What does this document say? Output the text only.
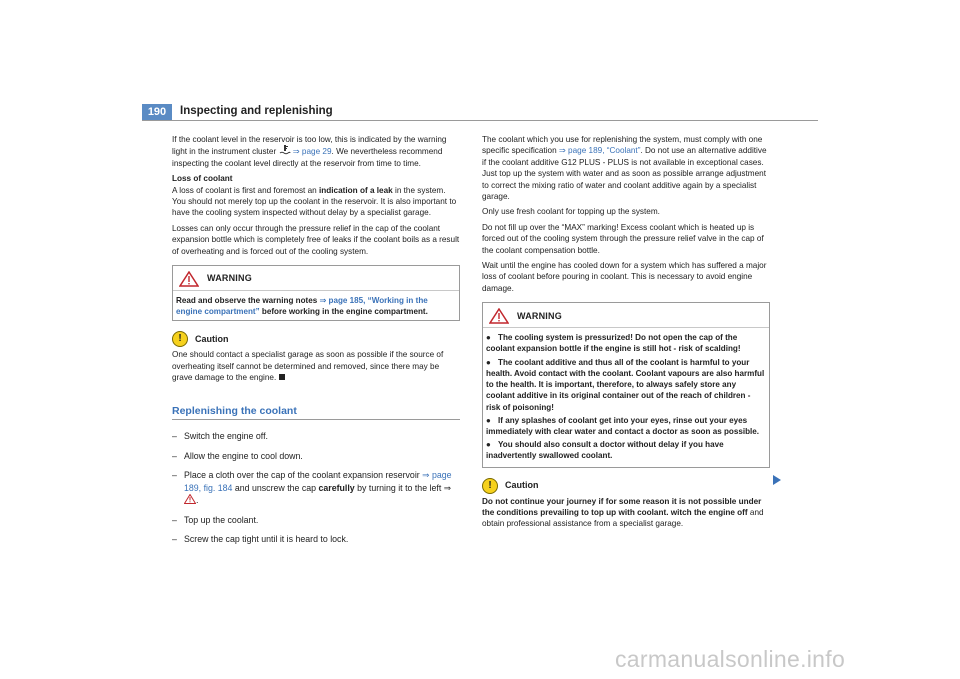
190	Inspecting and replenishing

If the coolant level in the reservoir is too low, this is indicated by the warning light in the instrument cluster ⇒ page 29. We nevertheless recommend inspecting the coolant level directly at the reservoir from time to time.

Loss of coolant

A loss of coolant is first and foremost an indication of a leak in the system. You should not merely top up the coolant in the reservoir. It is also important to have the cooling system inspected without delay by a specialist garage.

Losses can only occur through the pressure relief in the cap of the coolant expansion bottle which is completely free of leaks if the coolant boils as a result of overheating and is forced out of the cooling system.

WARNING
Read and observe the warning notes ⇒ page 185, “Working in the engine compartment” before working in the engine compartment.
!	Caution

One should contact a specialist garage as soon as possible if the source of overheating itself cannot be determined and removed, since there may be grave damage to the engine.

Replenishing the coolant
– Switch the engine off.
– Allow the engine to cool down.
– Place a cloth over the cap of the coolant expansion reservoir ⇒ page 189, fig. 184 and unscrew the cap carefully by turning it to the left ⇒ .
– Top up the coolant.
– Screw the cap tight until it is heard to lock.

The coolant which you use for replenishing the system, must comply with one specific specification ⇒ page 189, “Coolant”. Do not use an alternative additive if the coolant additive G12 PLUS - PLUS is not available in exceptional cases. Just top up the system with water and as soon as possible arrange adjustment to correct the mixing ratio of water and coolant additive again by a specialist garage.

Only use fresh coolant for topping up the system.

Do not fill up over the “MAX” marking! Excess coolant which is heated up is forced out of the cooling system through the pressure relief valve in the cap of the coolant compensation bottle.

Wait until the engine has cooled down for a system which has suffered a major loss of coolant before pouring in coolant. This is necessary to avoid engine damage.

WARNING
● The cooling system is pressurized! Do not open the cap of the coolant expansion bottle if the engine is still hot - risk of scalding!
● The coolant additive and thus all of the coolant is harmful to your health. Avoid contact with the coolant. Coolant vapours are also harmful to the health. It is important, therefore, to always safely store any coolant additive in its original container out of the reach of children - risk of poisoning!
● If any splashes of coolant get into your eyes, rinse out your eyes immediately with clear water and contact a doctor as soon as possible.
● You should also consult a doctor without delay if you have inadvertently swallowed coolant.
!	Caution

Do not continue your journey if for some reason it is not possible under the conditions prevailing to top up with coolant. witch the engine off and obtain professional assistance from a specialist garage.

carmanualsonline.info
